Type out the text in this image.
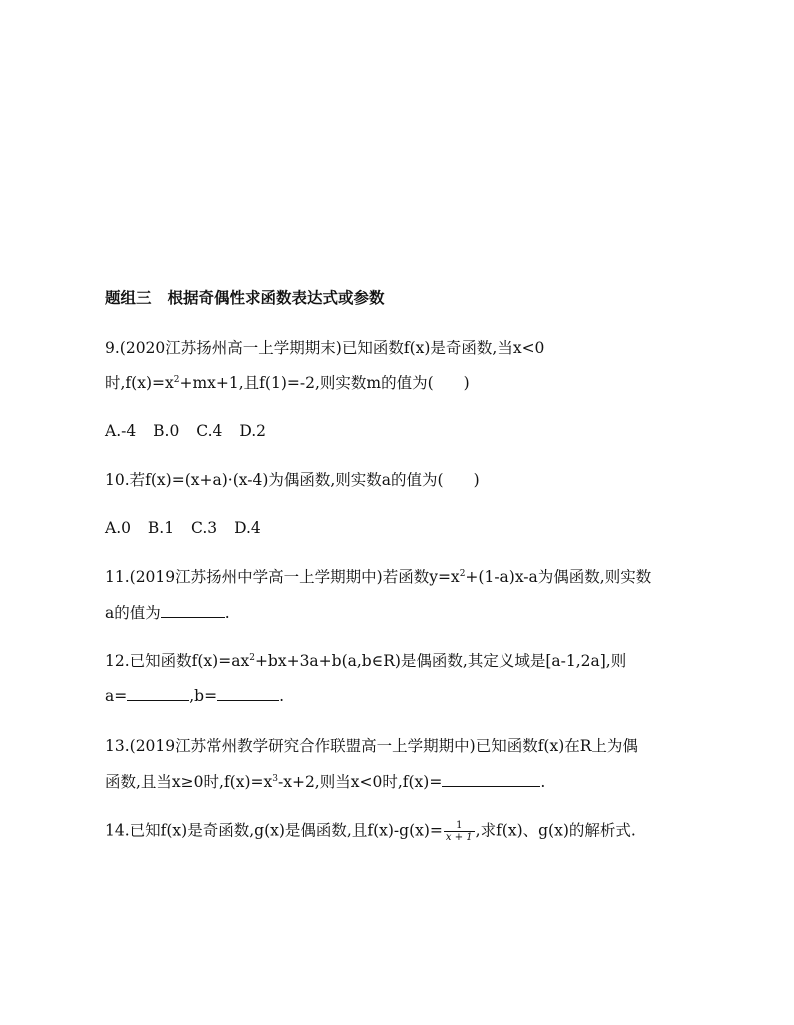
题组三 根据奇偶性求函数表达式或参数
9.(2020江苏扬州高一上学期期末)已知函数f(x)是奇函数,当x<0
时$,f(x)=x^2+mx+1$,且f(1)=-2,则实数m的值为( )
A.-4 B.0 C.4 D.2
10.若f(x)=(x+a)·(x-4)为偶函数,则实数a的值为( )
A.0 B.1 C.3 D.4
11.(2019江苏扬州中学高一上学期期中)若函数$y=x^2+(1-a)x-a$为偶函数,则实数
a的值为	.
12.已知函数$f(x)=ax^2+bx+3a+b(a,b\in R)$是偶函数,其定义域是[a-1,2a],则
a=	,b=	.
13.(2019江苏常州教学研究合作联盟高一上学期期中)已知函数f(x)在R上为偶
函数,且当x≥0时$,f(x)=x^3-x+2$,则当x<0时,f(x)=	.
14.已知f(x)是奇函数,g(x)是偶函数,且$f(x)-g(x)= \frac{1}{x + 1}$ ,求f(x)、g(x)的解析式.
